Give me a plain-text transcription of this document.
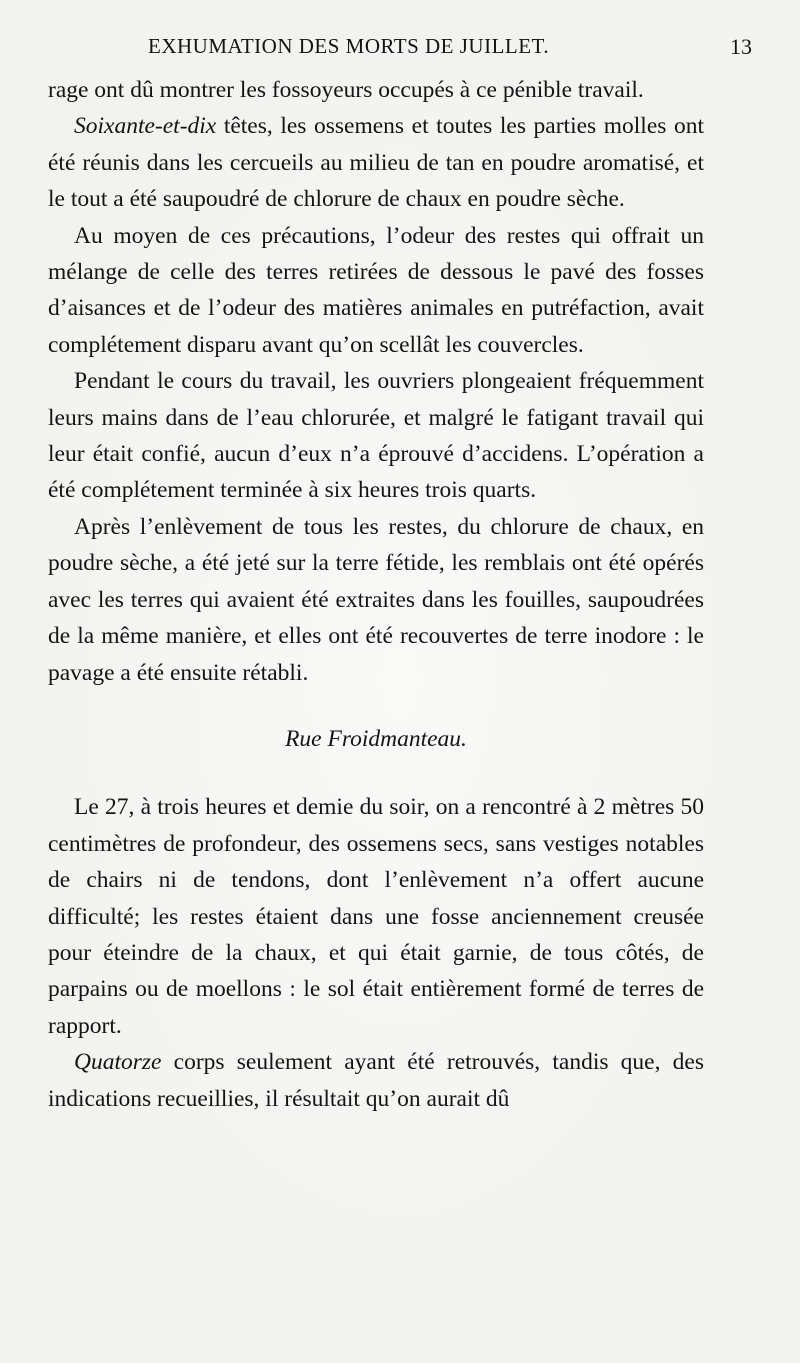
EXHUMATION DES MORTS DE JUILLET.	13

rage ont dû montrer les fossoyeurs occupés à ce pénible travail.

Soixante-et-dix têtes, les ossemens et toutes les parties molles ont été réunis dans les cercueils au milieu de tan en poudre aromatisé, et le tout a été saupoudré de chlorure de chaux en poudre sèche.

Au moyen de ces précautions, l’odeur des restes qui offrait un mélange de celle des terres retirées de dessous le pavé des fosses d’aisances et de l’odeur des matières animales en putréfaction, avait complétement disparu avant qu’on scellât les couvercles.

Pendant le cours du travail, les ouvriers plongeaient fréquemment leurs mains dans de l’eau chlorurée, et malgré le fatigant travail qui leur était confié, aucun d’eux n’a éprouvé d’accidens. L’opération a été complétement terminée à six heures trois quarts.

Après l’enlèvement de tous les restes, du chlorure de chaux, en poudre sèche, a été jeté sur la terre fétide, les remblais ont été opérés avec les terres qui avaient été extraites dans les fouilles, saupoudrées de la même manière, et elles ont été recouvertes de terre inodore : le pavage a été ensuite rétabli.

Rue Froidmanteau.

Le 27, à trois heures et demie du soir, on a rencontré à 2 mètres 50 centimètres de profondeur, des ossemens secs, sans vestiges notables de chairs ni de tendons, dont l’enlèvement n’a offert aucune difficulté; les restes étaient dans une fosse anciennement creusée pour éteindre de la chaux, et qui était garnie, de tous côtés, de parpains ou de moellons : le sol était entièrement formé de terres de rapport.

Quatorze corps seulement ayant été retrouvés, tandis que, des indications recueillies, il résultait qu’on aurait dû
